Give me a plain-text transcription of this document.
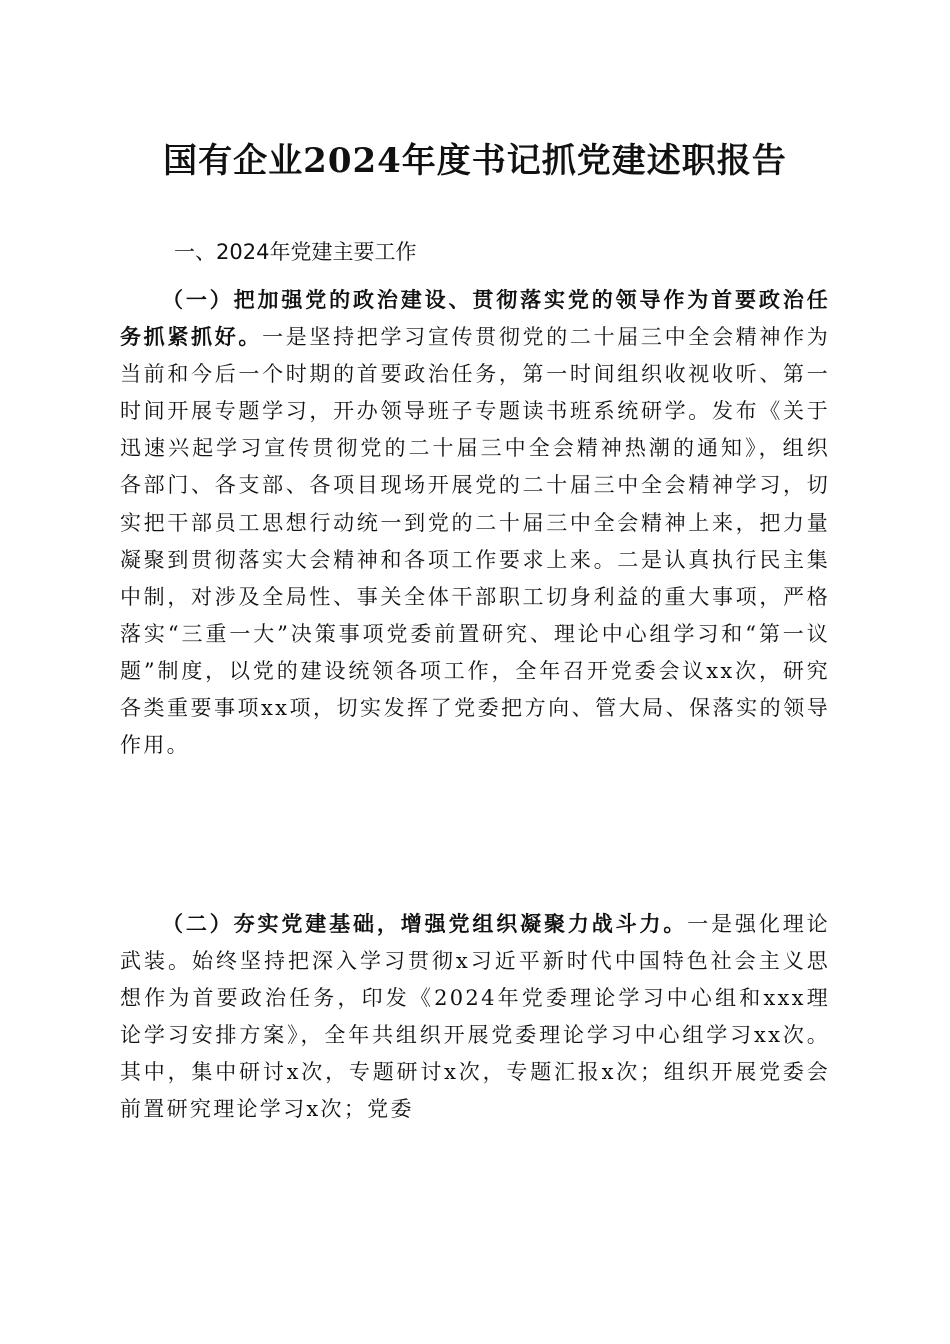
国有企业2024年度书记抓党建述职报告
一、2024年党建主要工作

（一）把加强党的政治建设、贯彻落实党的领导作为首要政治任务抓紧抓好。一是坚持把学习宣传贯彻党的二十届三中全会精神作为当前和今后一个时期的首要政治任务，第一时间组织收视收听、第一时间开展专题学习，开办领导班子专题读书班系统研学。发布《关于迅速兴起学习宣传贯彻党的二十届三中全会精神热潮的通知》，组织各部门、各支部、各项目现场开展党的二十届三中全会精神学习，切实把干部员工思想行动统一到党的二十届三中全会精神上来，把力量凝聚到贯彻落实大会精神和各项工作要求上来。二是认真执行民主集中制，对涉及全局性、事关全体干部职工切身利益的重大事项，严格落实“三重一大”决策事项党委前置研究、理论中心组学习和“第一议题”制度，以党的建设统领各项工作，全年召开党委会议xx次，研究各类重要事项xx项，切实发挥了党委把方向、管大局、保落实的领导作用。

（二）夯实党建基础，增强党组织凝聚力战斗力。一是强化理论武装。始终坚持把深入学习贯彻x习近平新时代中国特色社会主义思想作为首要政治任务，印发《2024年党委理论学习中心组和xxx理论学习安排方案》，全年共组织开展党委理论学习中心组学习xx次。其中，集中研讨x次，专题研讨x次，专题汇报x次；组织开展党委会前置研究理论学习x次；党委
